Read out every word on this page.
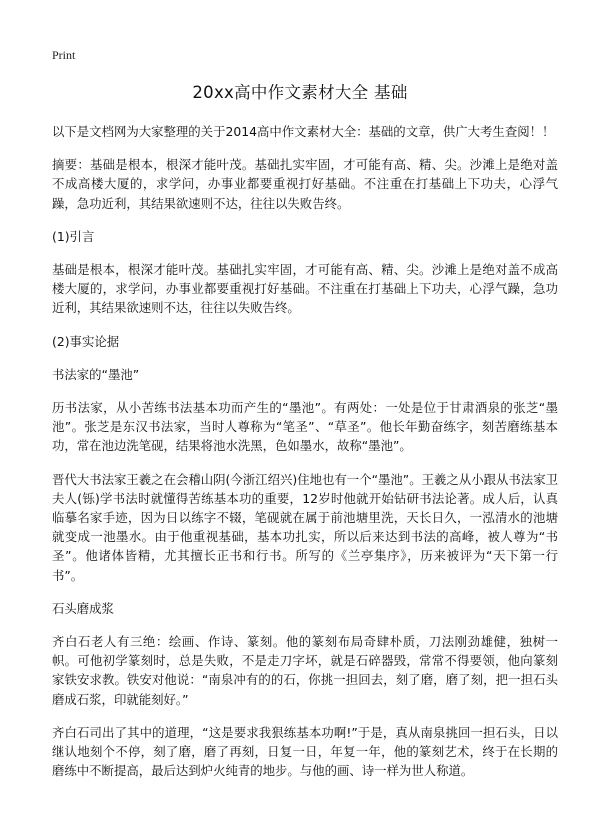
Print
20xx高中作文素材大全 基础

以下是文档网为大家整理的关于2014高中作文素材大全：基础的文章，供广大考生查阅！！

摘要：基础是根本，根深才能叶茂。基础扎实牢固，才可能有高、精、尖。沙滩上是绝对盖不成高楼大厦的，求学问，办事业都要重视打好基础。不注重在打基础上下功夫，心浮气躁，急功近利，其结果欲速则不达，往往以失败告终。

(1)引言

基础是根本，根深才能叶茂。基础扎实牢固，才可能有高、精、尖。沙滩上是绝对盖不成高楼大厦的，求学问，办事业都要重视打好基础。不注重在打基础上下功夫，心浮气躁，急功近利，其结果欲速则不达，往往以失败告终。

(2)事实论据

书法家的“墨池”

历书法家，从小苦练书法基本功而产生的“墨池”。有两处：一处是位于甘肃酒泉的张芝“墨池”。张芝是东汉书法家，当时人尊称为“笔圣”、“草圣”。他长年勤奋练字，刻苦磨练基本功，常在池边洗笔砚，结果将池水洗黑，色如墨水，故称“墨池”。

晋代大书法家王羲之在会稽山阴(今浙江绍兴)住地也有一个“墨池”。王羲之从小跟从书法家卫夫人(铄)学书法时就懂得苦练基本功的重要，12岁时他就开始钻研书法论著。成人后，认真临摹名家手迹，因为日以练字不辍，笔砚就在属于前池塘里洗，天长日久，一泓清水的池塘就变成一池墨水。由于他重视基础，基本功扎实，所以后来达到书法的高峰，被人尊为“书圣”。他诸体皆精，尤其擅长正书和行书。所写的《兰亭集序》，历来被评为“天下第一行书”。

石头磨成浆

齐白石老人有三绝：绘画、作诗、篆刻。他的篆刻布局奇肆朴质，刀法刚劲雄健，独树一帜。可他初学篆刻时，总是失败，不是走刀字坏，就是石碎器毁，常常不得要领，他向篆刻家铁安求教。铁安对他说：“南泉冲有的的石，你挑一担回去，刻了磨，磨了刻，把一担石头磨成石浆，印就能刻好。”

齐白石司出了其中的道理，“这是要求我狠练基本功啊!”于是，真从南泉挑回一担石头，日以继认地刻个不停，刻了磨，磨了再刻，日复一日，年复一年，他的篆刻艺术，终于在长期的磨练中不断提高，最后达到炉火纯青的地步。与他的画、诗一样为世人称道。
